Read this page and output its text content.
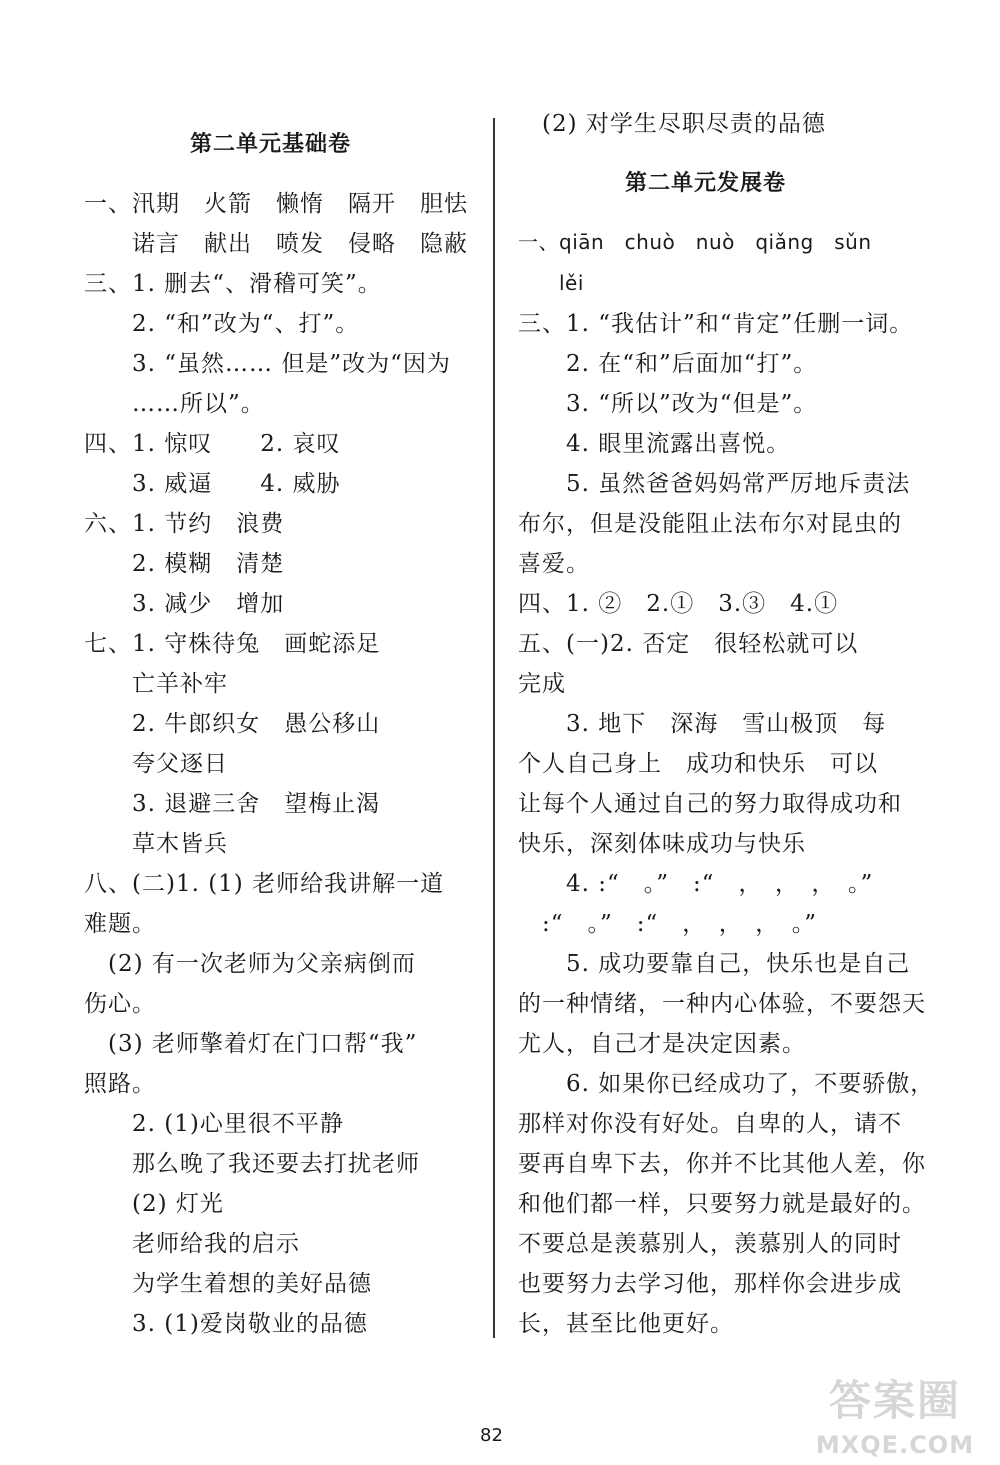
第二单元基础卷
一、汛期　火箭　懒惰　隔开　胆怯
　　诺言　献出　喷发　侵略　隐蔽
三、1. 删去“、滑稽可笑”。
　　2. “和”改为“、打”。
　　3. “虽然…… 但是”改为“因为
　　……所以”。
四、1. 惊叹　　2. 哀叹
　　3. 威逼　　4. 威胁
六、1. 节约　浪费
　　2. 模糊　清楚
　　3. 减少　增加
七、1. 守株待兔　画蛇添足
　　亡羊补牢
　　2. 牛郎织女　愚公移山
　　夸父逐日
　　3. 退避三舍　望梅止渴
　　草木皆兵
八、(二)1. (1) 老师给我讲解一道
难题。
　(2) 有一次老师为父亲病倒而
伤心。
　(3) 老师擎着灯在门口帮“我”
照路。
　　2. (1)心里很不平静
　　那么晚了我还要去打扰老师
　　(2) 灯光
　　老师给我的启示
　　为学生着想的美好品德
　　3. (1)爱岗敬业的品德
　(2) 对学生尽职尽责的品德
第二单元发展卷
一、qiān　chuò　nuò　qiǎng　sǔn
　　lěi
三、1. “我估计”和“肯定”任删一词。
　　2. 在“和”后面加“打”。
　　3. “所以”改为“但是”。
　　4. 眼里流露出喜悦。
　　5. 虽然爸爸妈妈常严厉地斥责法
布尔，但是没能阻止法布尔对昆虫的
喜爱。
四、1. ②　2.①　3.③　4.①
五、(一)2. 否定　很轻松就可以
完成
　　3. 地下　深海　雪山极顶　每
个人自己身上　成功和快乐　可以
让每个人通过自己的努力取得成功和
快乐，深刻体味成功与快乐
　　4. :“　。”　:“　，　，　，　。”
　:“　。”　:“　，　，　，　。”
　　5. 成功要靠自己，快乐也是自己
的一种情绪，一种内心体验，不要怨天
尤人，自己才是决定因素。
　　6. 如果你已经成功了，不要骄傲，
那样对你没有好处。自卑的人，请不
要再自卑下去，你并不比其他人差，你
和他们都一样，只要努力就是最好的。
不要总是羡慕别人，羡慕别人的同时
也要努力去学习他，那样你会进步成
长，甚至比他更好。
82
答案圈
MXQE.COM
